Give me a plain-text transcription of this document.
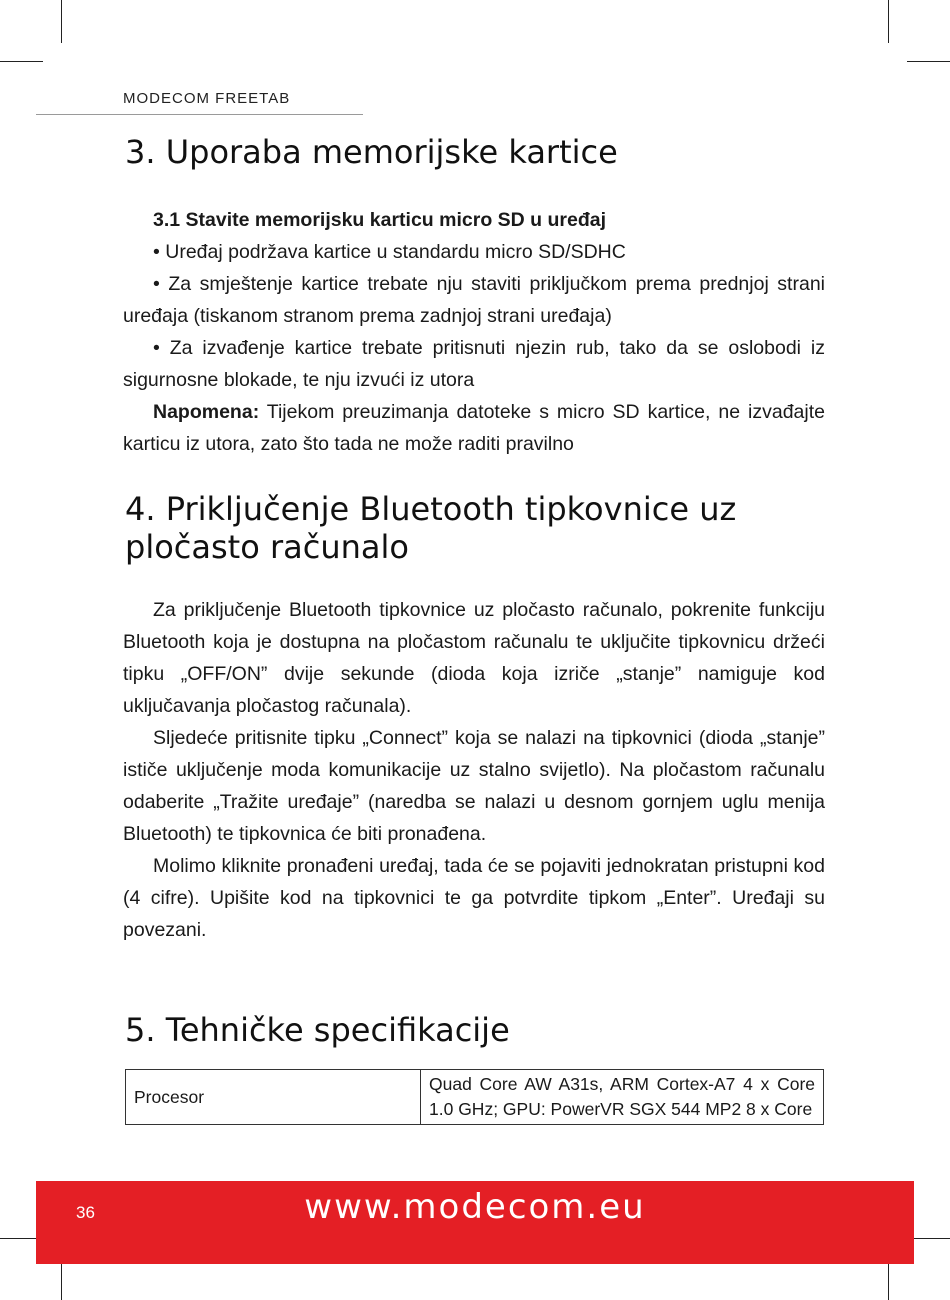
MODECOM FREETAB
3. Uporaba memorijske kartice

3.1 Stavite memorijsku karticu micro SD u uređaj

• Uređaj podržava kartice u standardu micro SD/SDHC

• Za smještenje kartice trebate nju staviti priključkom prema prednjoj strani uređaja (tiskanom stranom prema zadnjoj strani uređaja)

• Za izvađenje kartice trebate pritisnuti njezin rub, tako da se oslobodi iz sigurnosne blokade, te nju izvući iz utora

Napomena: Tijekom preuzimanja datoteke s micro SD kartice, ne izvađajte karticu iz utora, zato što tada ne može raditi pravilno

4. Priključenje Bluetooth tipkovnice uz pločasto računalo

Za priključenje Bluetooth tipkovnice uz pločasto računalo, pokrenite funkciju Bluetooth koja je dostupna na pločastom računalu te uključite tipkovnicu držeći tipku „OFF/ON” dvije sekunde (dioda koja izriče „stanje” namiguje kod uključavanja pločastog računala).

Sljedeće pritisnite tipku „Connect” koja se nalazi na tipkovnici (dioda „stanje” ističe uključenje moda komunikacije uz stalno svijetlo). Na pločastom računalu odaberite „Tražite uređaje” (naredba se nalazi u desnom gornjem uglu menija Bluetooth) te tipkovnica će biti pronađena.

Molimo kliknite pronađeni uređaj, tada će se pojaviti jednokratan pristupni kod (4 cifre). Upišite kod na tipkovnici te ga potvrdite tipkom „Enter”. Uređaji su povezani.

5. Tehničke specifikacije
Procesor	Quad Core AW A31s, ARM Cortex-A7 4 x Core 1.0 GHz; GPU: PowerVR SGX 544 MP2 8 x Core
36	www.modecom.eu
